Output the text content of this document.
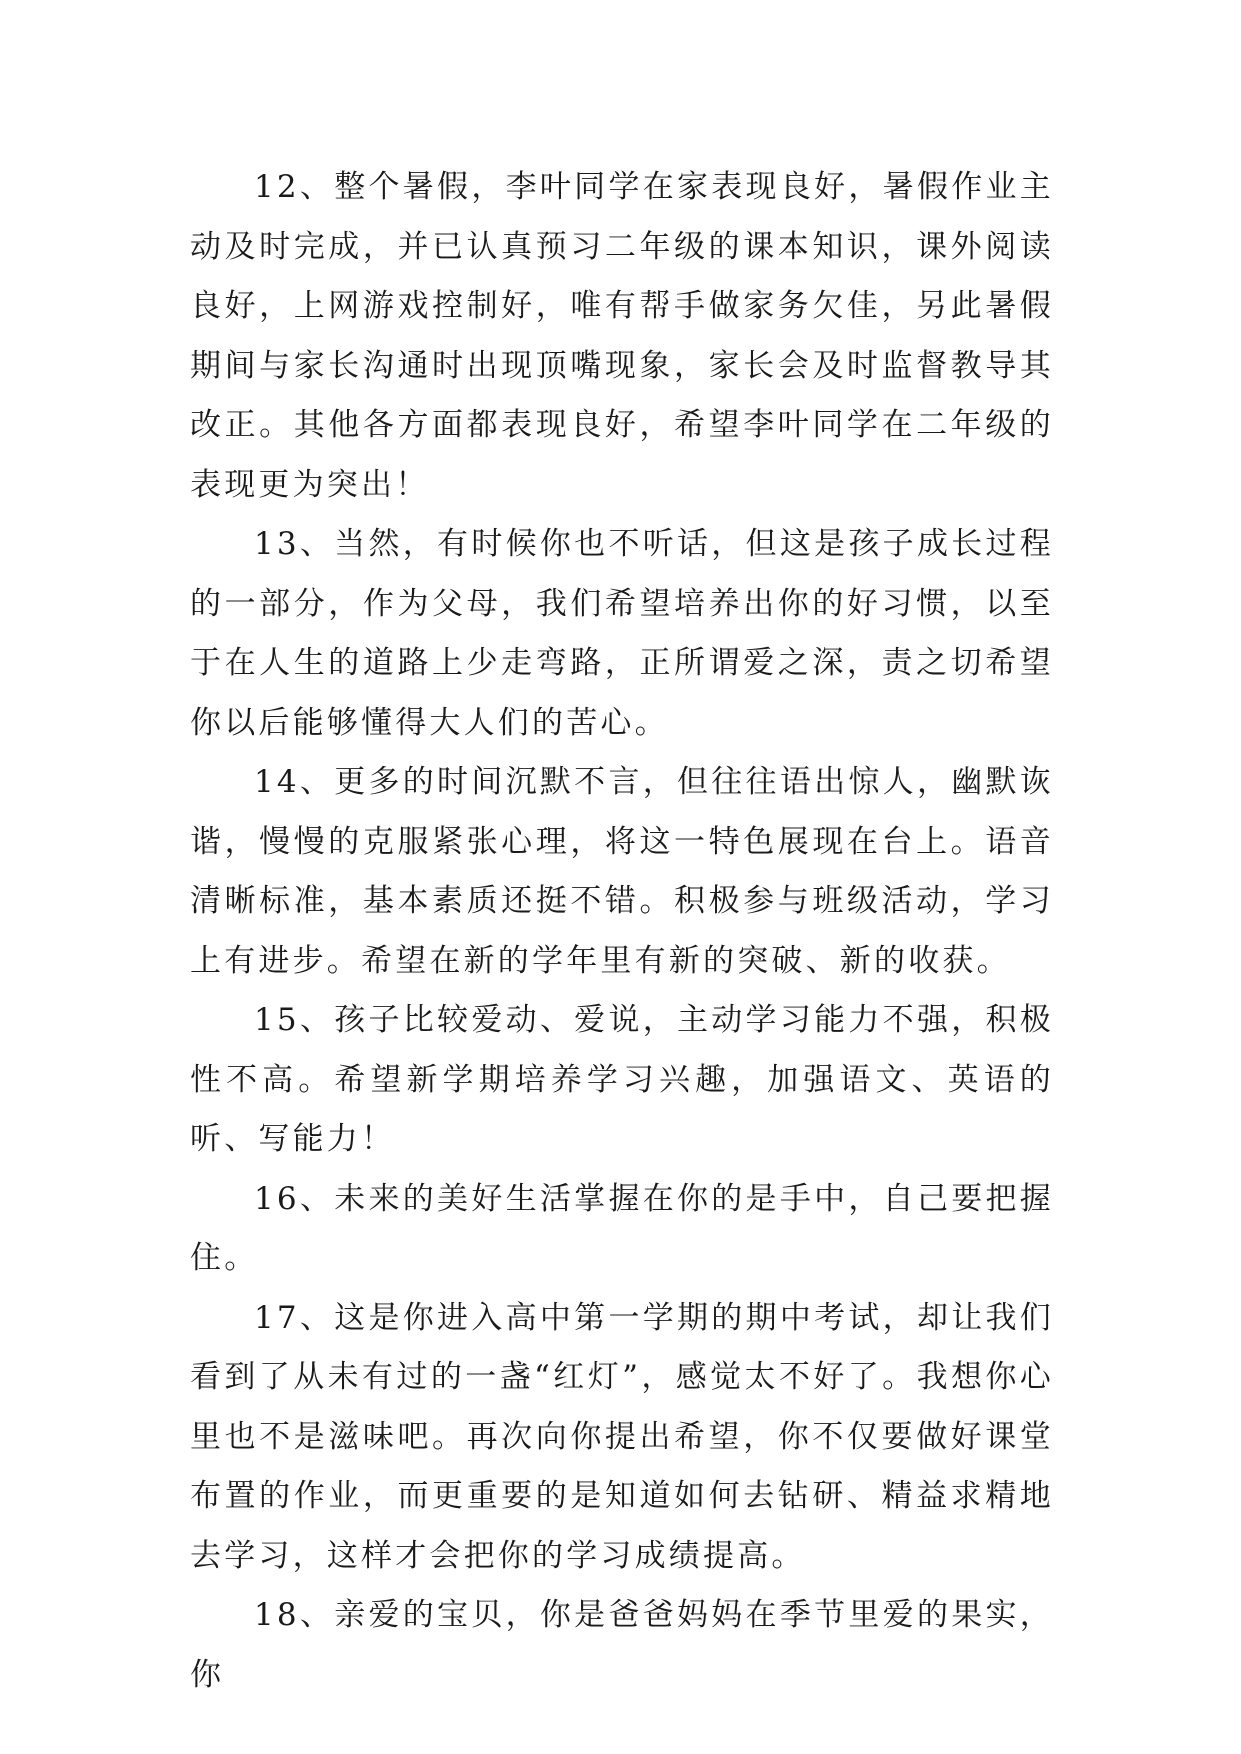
12、整个暑假，李叶同学在家表现良好，暑假作业主动及时完成，并已认真预习二年级的课本知识，课外阅读良好，上网游戏控制好，唯有帮手做家务欠佳，另此暑假期间与家长沟通时出现顶嘴现象，家长会及时监督教导其改正。其他各方面都表现良好，希望李叶同学在二年级的表现更为突出！

13、当然，有时候你也不听话，但这是孩子成长过程的一部分，作为父母，我们希望培养出你的好习惯，以至于在人生的道路上少走弯路，正所谓爱之深，责之切希望你以后能够懂得大人们的苦心。

14、更多的时间沉默不言，但往往语出惊人，幽默诙谐，慢慢的克服紧张心理，将这一特色展现在台上。语音清晰标准，基本素质还挺不错。积极参与班级活动，学习上有进步。希望在新的学年里有新的突破、新的收获。

15、孩子比较爱动、爱说，主动学习能力不强，积极性不高。希望新学期培养学习兴趣，加强语文、英语的听、写能力！

16、未来的美好生活掌握在你的是手中，自己要把握住。

17、这是你进入高中第一学期的期中考试，却让我们看到了从未有过的一盏“红灯”，感觉太不好了。我想你心里也不是滋味吧。再次向你提出希望，你不仅要做好课堂布置的作业，而更重要的是知道如何去钻研、精益求精地去学习，这样才会把你的学习成绩提高。

18、亲爱的宝贝，你是爸爸妈妈在季节里爱的果实，你
